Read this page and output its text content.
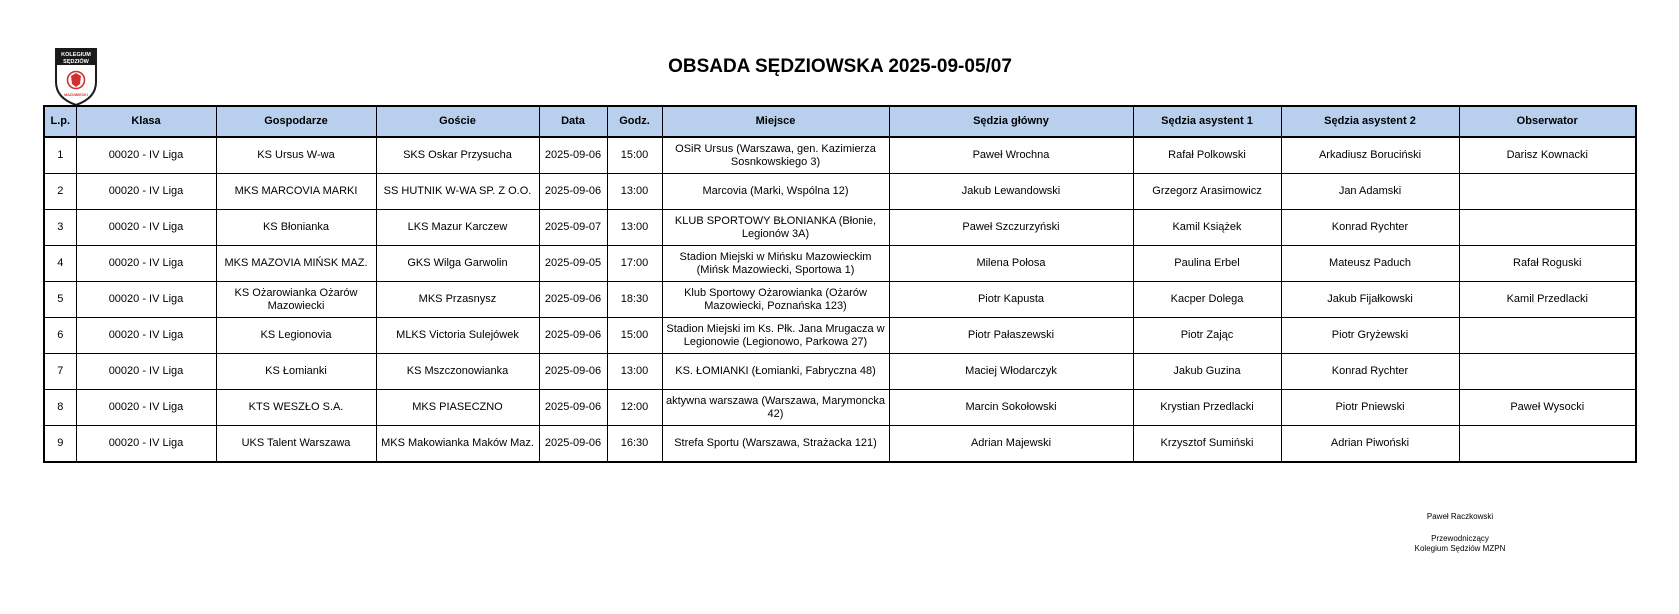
KOLEGIUM
SĘDZIÓW
MAZOWIECKI
OBSADA SĘDZIOWSKA 2025-09-05/07
L.p.	Klasa	Gospodarze	Goście	Data	Godz.	Miejsce	Sędzia główny	Sędzia asystent 1	Sędzia asystent 2	Obserwator
1	00020 - IV Liga	KS Ursus W-wa	SKS Oskar Przysucha	2025-09-06	15:00	OSiR Ursus (Warszawa, gen. Kazimierza Sosnkowskiego 3)	Paweł Wrochna	Rafał Polkowski	Arkadiusz Boruciński	Darisz Kownacki
2	00020 - IV Liga	MKS MARCOVIA MARKI	SS HUTNIK W-WA SP. Z O.O.	2025-09-06	13:00	Marcovia (Marki, Wspólna 12)	Jakub Lewandowski	Grzegorz Arasimowicz	Jan Adamski	
3	00020 - IV Liga	KS Błonianka	LKS Mazur Karczew	2025-09-07	13:00	KLUB SPORTOWY BŁONIANKA (Błonie, Legionów 3A)	Paweł Szczurzyński	Kamil Książek	Konrad Rychter	
4	00020 - IV Liga	MKS MAZOVIA MIŃSK MAZ.	GKS Wilga Garwolin	2025-09-05	17:00	Stadion Miejski w Mińsku Mazowieckim (Mińsk Mazowiecki, Sportowa 1)	Milena Połosa	Paulina Erbel	Mateusz Paduch	Rafał Roguski
5	00020 - IV Liga	KS Ożarowianka Ożarów Mazowiecki	MKS Przasnysz	2025-09-06	18:30	Klub Sportowy Ożarowianka (Ożarów Mazowiecki, Poznańska 123)	Piotr Kapusta	Kacper Dolega	Jakub Fijałkowski	Kamil Przedlacki
6	00020 - IV Liga	KS Legionovia	MLKS Victoria Sulejówek	2025-09-06	15:00	Stadion Miejski im Ks. Płk. Jana Mrugacza w Legionowie (Legionowo, Parkowa 27)	Piotr Pałaszewski	Piotr Zając	Piotr Gryżewski	
7	00020 - IV Liga	KS Łomianki	KS Mszczonowianka	2025-09-06	13:00	KS. ŁOMIANKI (Łomianki, Fabryczna 48)	Maciej Włodarczyk	Jakub Guzina	Konrad Rychter	
8	00020 - IV Liga	KTS WESZŁO S.A.	MKS PIASECZNO	2025-09-06	12:00	aktywna warszawa (Warszawa, Marymoncka 42)	Marcin Sokołowski	Krystian Przedlacki	Piotr Pniewski	Paweł Wysocki
9	00020 - IV Liga	UKS Talent Warszawa	MKS Makowianka Maków Maz.	2025-09-06	16:30	Strefa Sportu (Warszawa, Strażacka 121)	Adrian Majewski	Krzysztof Sumiński	Adrian Piwoński	
Paweł Raczkowski
Przewodniczący
Kolegium Sędziów MZPN
